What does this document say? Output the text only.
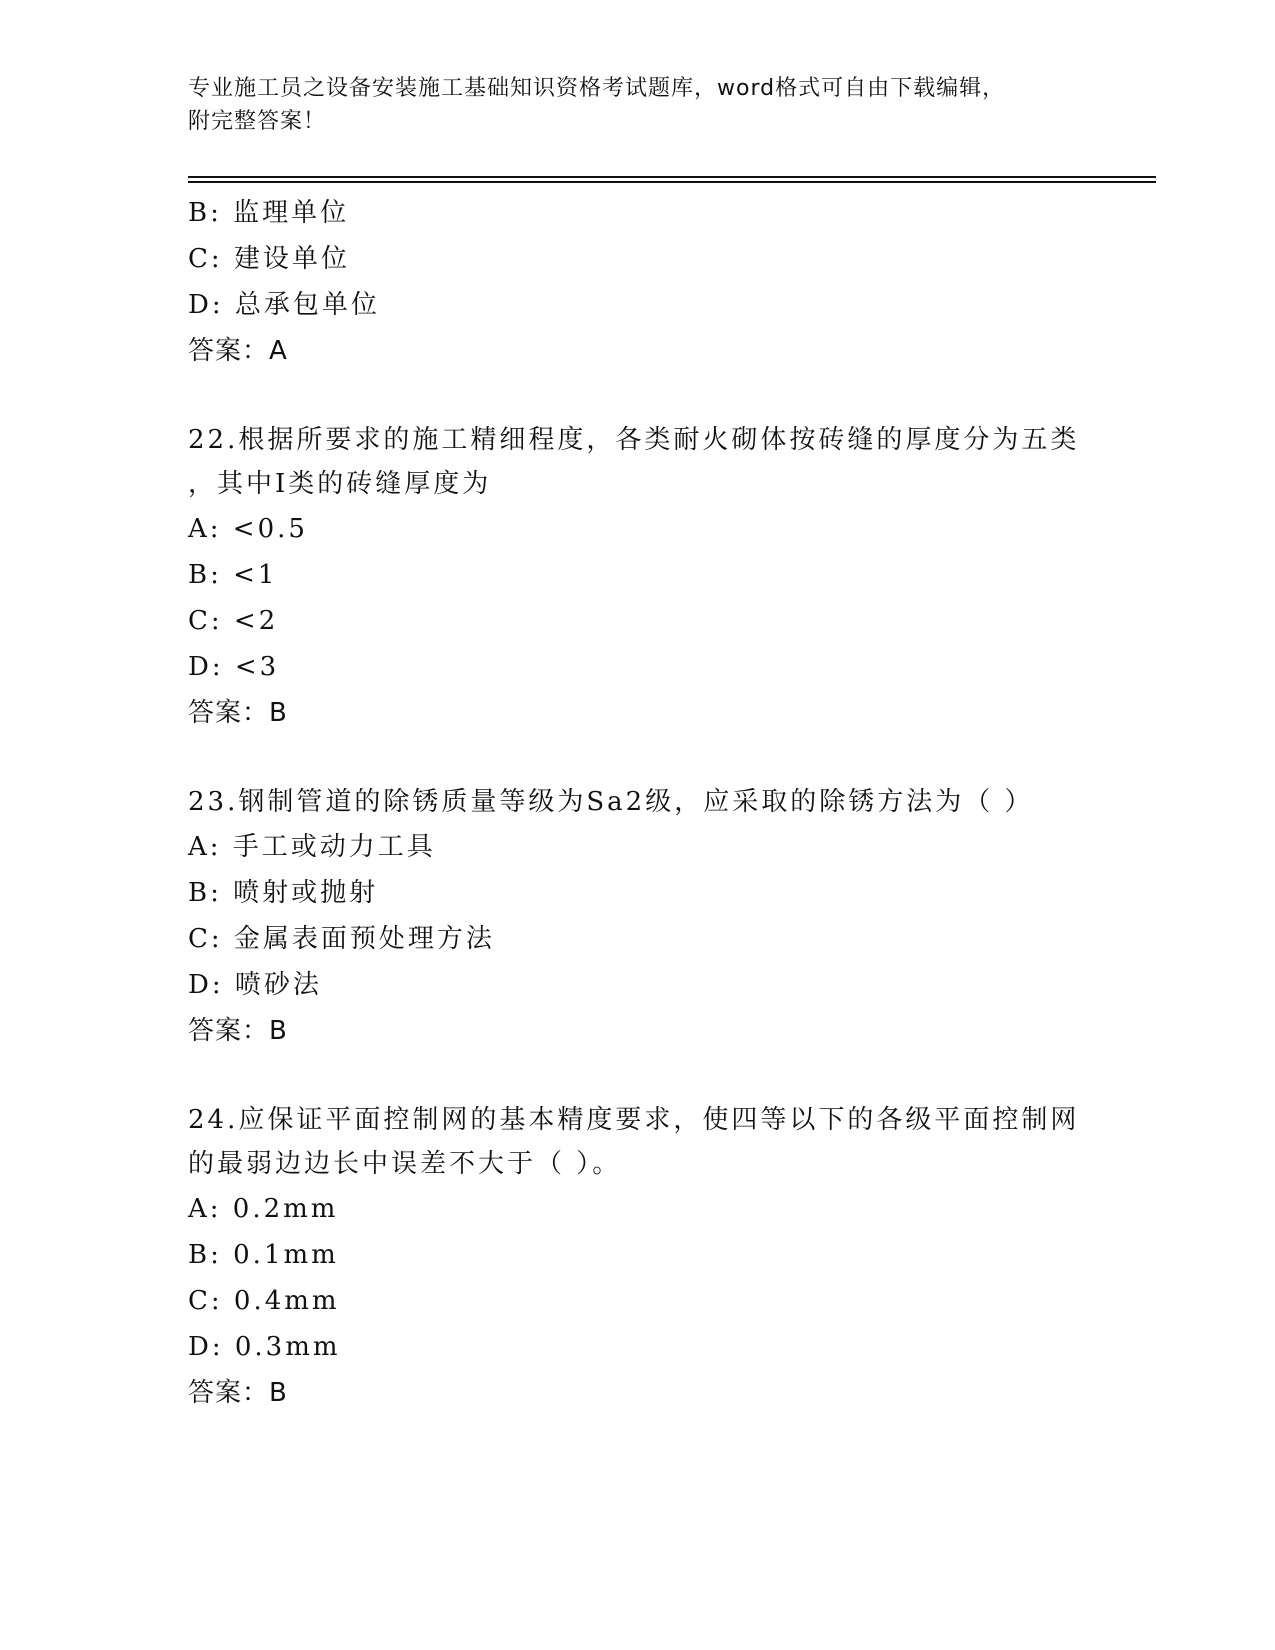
专业施工员之设备安装施工基础知识资格考试题库，word格式可自由下载编辑，
附完整答案！
B: 监理单位
C: 建设单位
D: 总承包单位
答案：A
22.根据所要求的施工精细程度，各类耐火砌体按砖缝的厚度分为五类
，其中Ⅰ类的砖缝厚度为
A: <0.5
B: <1
C: <2
D: <3
答案：B
23.钢制管道的除锈质量等级为Sa2级，应采取的除锈方法为（ ）
A: 手工或动力工具
B: 喷射或抛射
C: 金属表面预处理方法
D: 喷砂法
答案：B
24.应保证平面控制网的基本精度要求，使四等以下的各级平面控制网
的最弱边边长中误差不大于（ ）。
A: 0.2mm
B: 0.1mm
C: 0.4mm
D: 0.3mm
答案：B
